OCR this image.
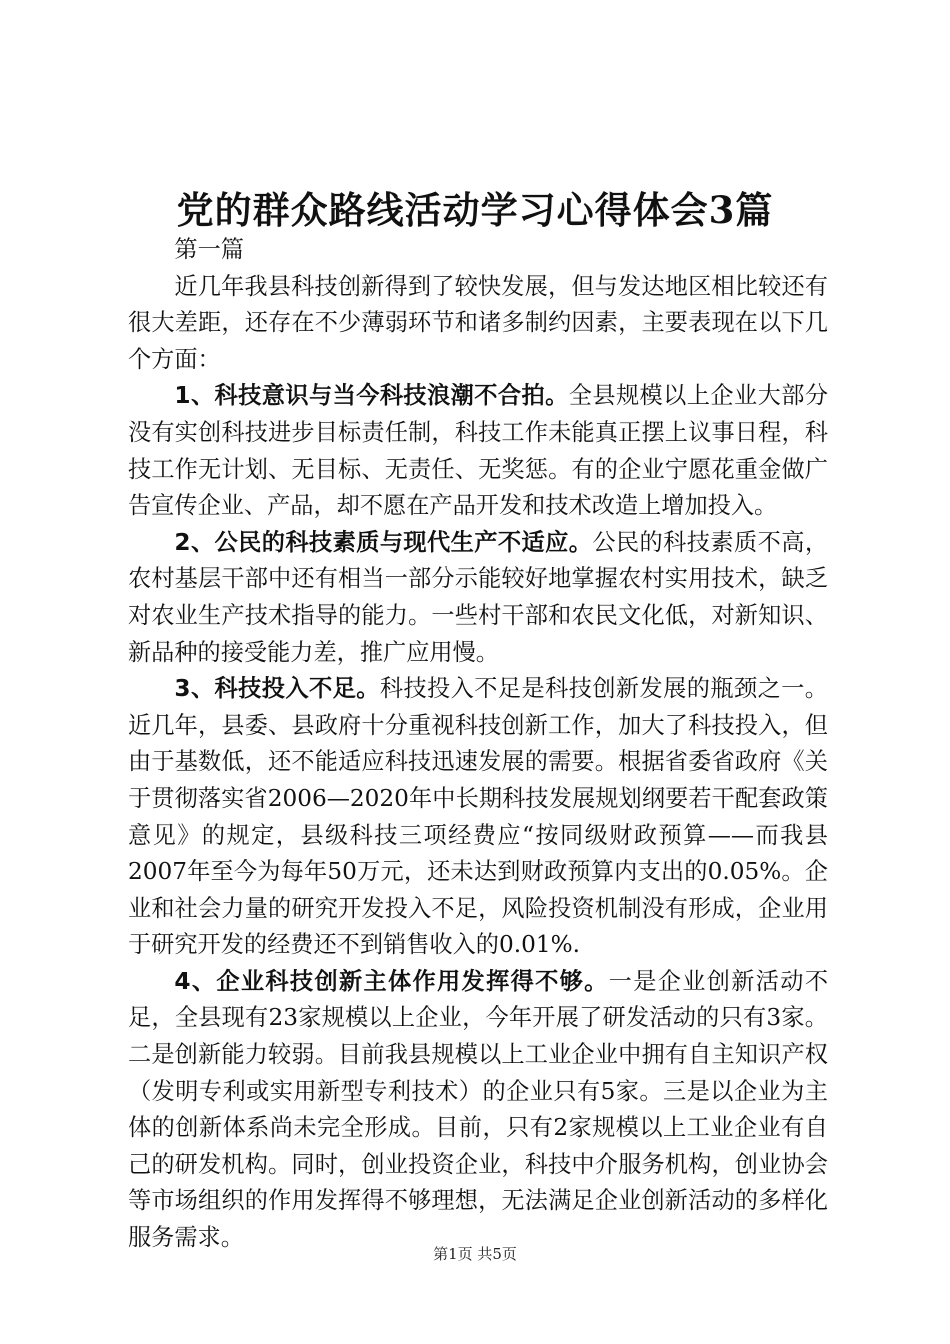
党的群众路线活动学习心得体会3篇

第一篇

近几年我县科技创新得到了较快发展，但与发达地区相比较还有很大差距，还存在不少薄弱环节和诸多制约因素，主要表现在以下几个方面：

1、科技意识与当今科技浪潮不合拍。全县规模以上企业大部分没有实创科技进步目标责任制，科技工作未能真正摆上议事日程，科技工作无计划、无目标、无责任、无奖惩。有的企业宁愿花重金做广告宣传企业、产品，却不愿在产品开发和技术改造上增加投入。

2、公民的科技素质与现代生产不适应。公民的科技素质不高，农村基层干部中还有相当一部分示能较好地掌握农村实用技术，缺乏对农业生产技术指导的能力。一些村干部和农民文化低，对新知识、新品种的接受能力差，推广应用慢。

3、科技投入不足。科技投入不足是科技创新发展的瓶颈之一。近几年，县委、县政府十分重视科技创新工作，加大了科技投入，但由于基数低，还不能适应科技迅速发展的需要。根据省委省政府《关于贯彻落实省2006—2020年中长期科技发展规划纲要若干配套政策意见》的规定，县级科技三项经费应“按同级财政预算——而我县2007年至今为每年50万元，还未达到财政预算内支出的0.05%。企业和社会力量的研究开发投入不足，风险投资机制没有形成，企业用于研究开发的经费还不到销售收入的0.01%.

4、企业科技创新主体作用发挥得不够。一是企业创新活动不足，全县现有23家规模以上企业，今年开展了研发活动的只有3家。二是创新能力较弱。目前我县规模以上工业企业中拥有自主知识产权（发明专利或实用新型专利技术）的企业只有5家。三是以企业为主体的创新体系尚未完全形成。目前，只有2家规模以上工业企业有自己的研发机构。同时，创业投资企业，科技中介服务机构，创业协会等市场组织的作用发挥得不够理想，无法满足企业创新活动的多样化服务需求。

第1页 共5页
